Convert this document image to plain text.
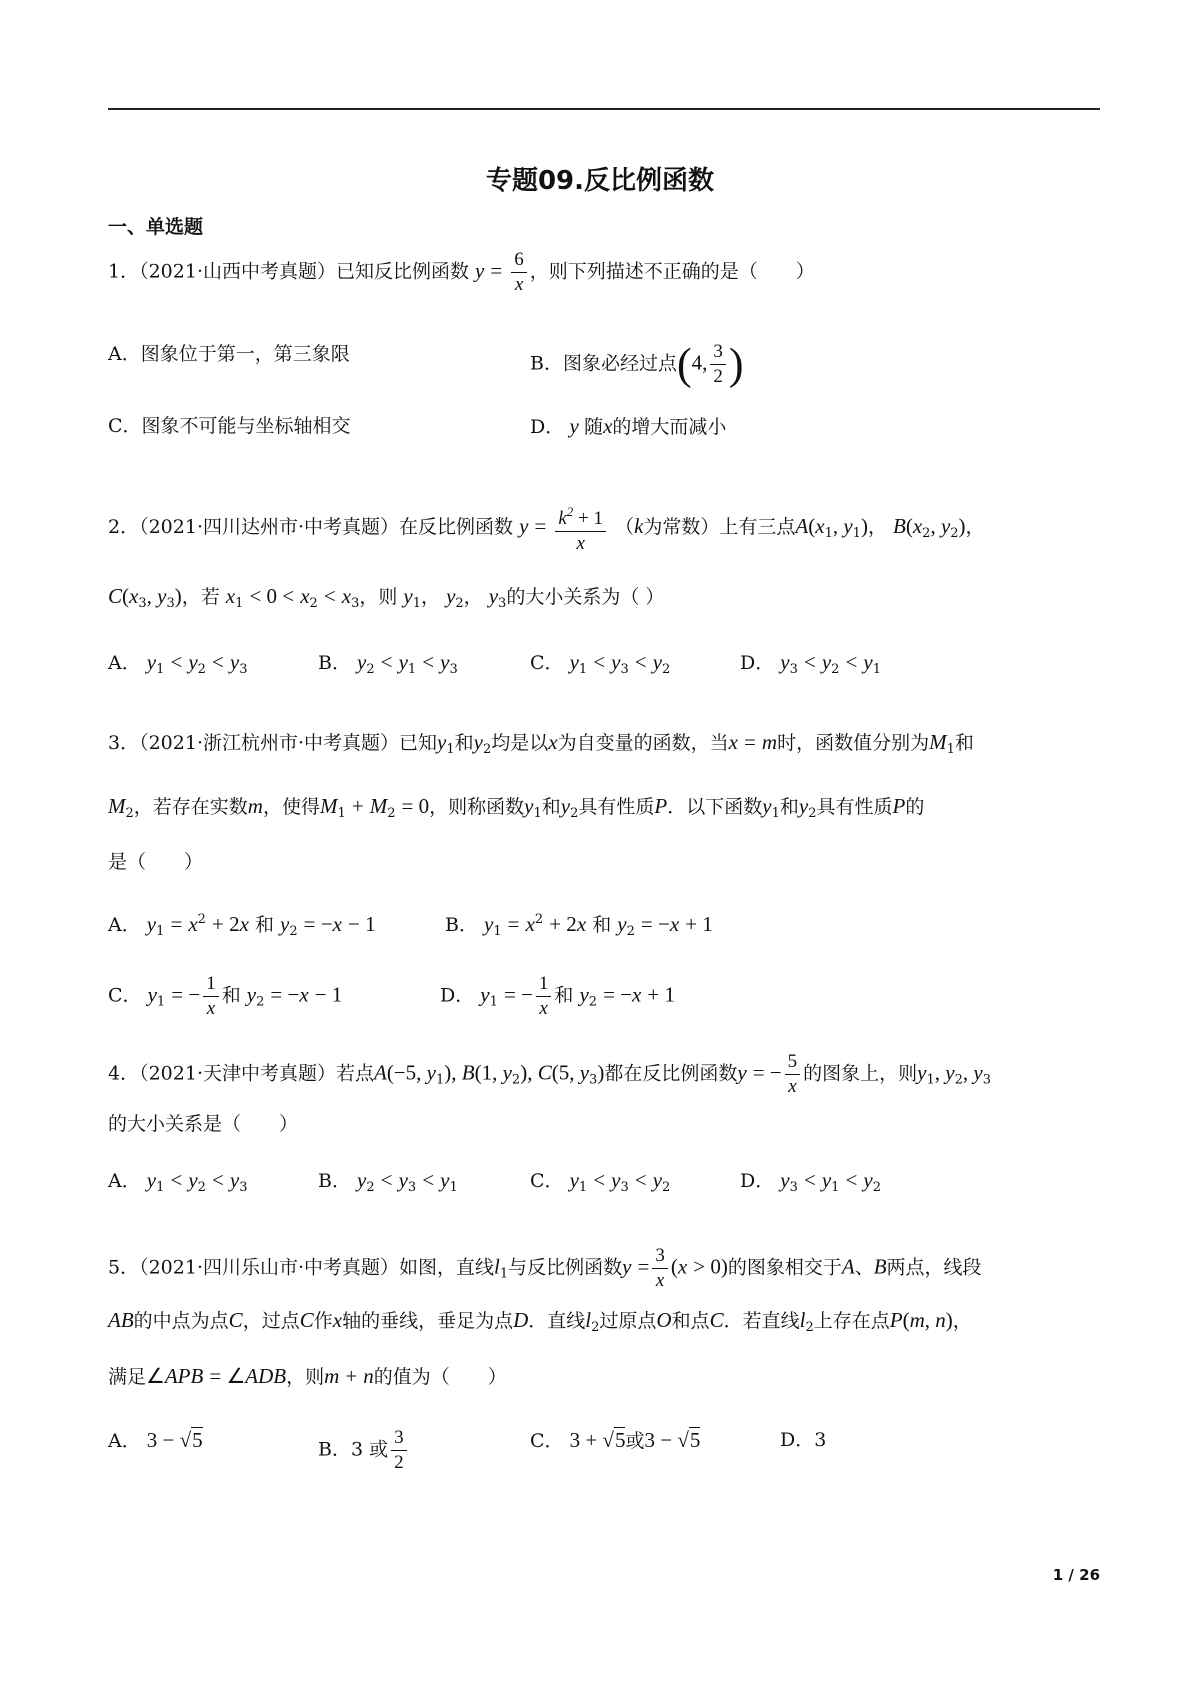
专题09.反比例函数
一、单选题
1．（2021·山西中考真题）已知反比例函数 $y = \frac{6}{x}$ ，则下列描述不正确的是（　　）
A．图象位于第一，第三象限	B．图象必经过点(4, $\frac{3}{2}$ )
C．图象不可能与坐标轴相交	D． y 随x的增大而减小
2．（2021·四川达州市·中考真题）在反比例函数 $y = \frac{k^2 + 1}{x} (k$为常数）上有三点$A(x_1$, $y_1$)， $B(x_2$, $y_2$)，
$C(x_3$, $y_3$)，若 $x_1 < 0 < x_2 < x_3$，则 $y_1$， $y_2$， $y_3$的大小关系为（ ）
A． $y_1 < y_2 < y_3$	B． $y_2 < y_1 < y_3$	C． $y_1 < y_3 < y_2$	D． $y_3 < y_2 < y_1$
3．（2021·浙江杭州市·中考真题）已知$y_1$和$y_2$均是以x为自变量的函数，当x = m时，函数值分别为$M_1$和
$M_2$，若存在实数m，使得$M_1 + M_2 = 0$，则称函数$y_1$和$y_2$具有性质P．以下函数$y_1$和$y_2$具有性质P的
是（　　）
A． $y_1 = x^2 + 2x$ 和 $y_2 = -x - 1$	B． $y_1 = x^2 + 2x$ 和 $y_2 = -x + 1$
C． $y_1$ = − $\frac{1}{x}$ 和 $y_2 = -x - 1$	D． $y_1$ = − $\frac{1}{x}$ 和 $y_2 = -x + 1$
4．（2021·天津中考真题）若点A(−5, $y_1$), B(1, $y_2$), C(5, $y_3$)都在反比例函数y = − $\frac{5}{x}$ 的图象上，则$y_1$, $y_2$, $y_3$
的大小关系是（　　）
A． $y_1 < y_2 < y_3$	B． $y_2 < y_3 < y_1$	C． $y_1 < y_3 < y_2$	D． $y_3 < y_1 < y_2$
5．（2021·四川乐山市·中考真题）如图，直线$l_1$与反比例函数$y = \frac{3}{x} (x > 0)$的图象相交于A、B两点，线段
AB的中点为点C，过点C作x轴的垂线，垂足为点D．直线$l_2$过原点O和点C．若直线$l_2$上存在点P(m, n)，
满足∠APB = ∠ADB，则m + n的值为（　　）
A． 3 − √5	B．3 或 $\frac{3}{2}$	C． 3 + √5或3 − √5	D．3
1 / 26
